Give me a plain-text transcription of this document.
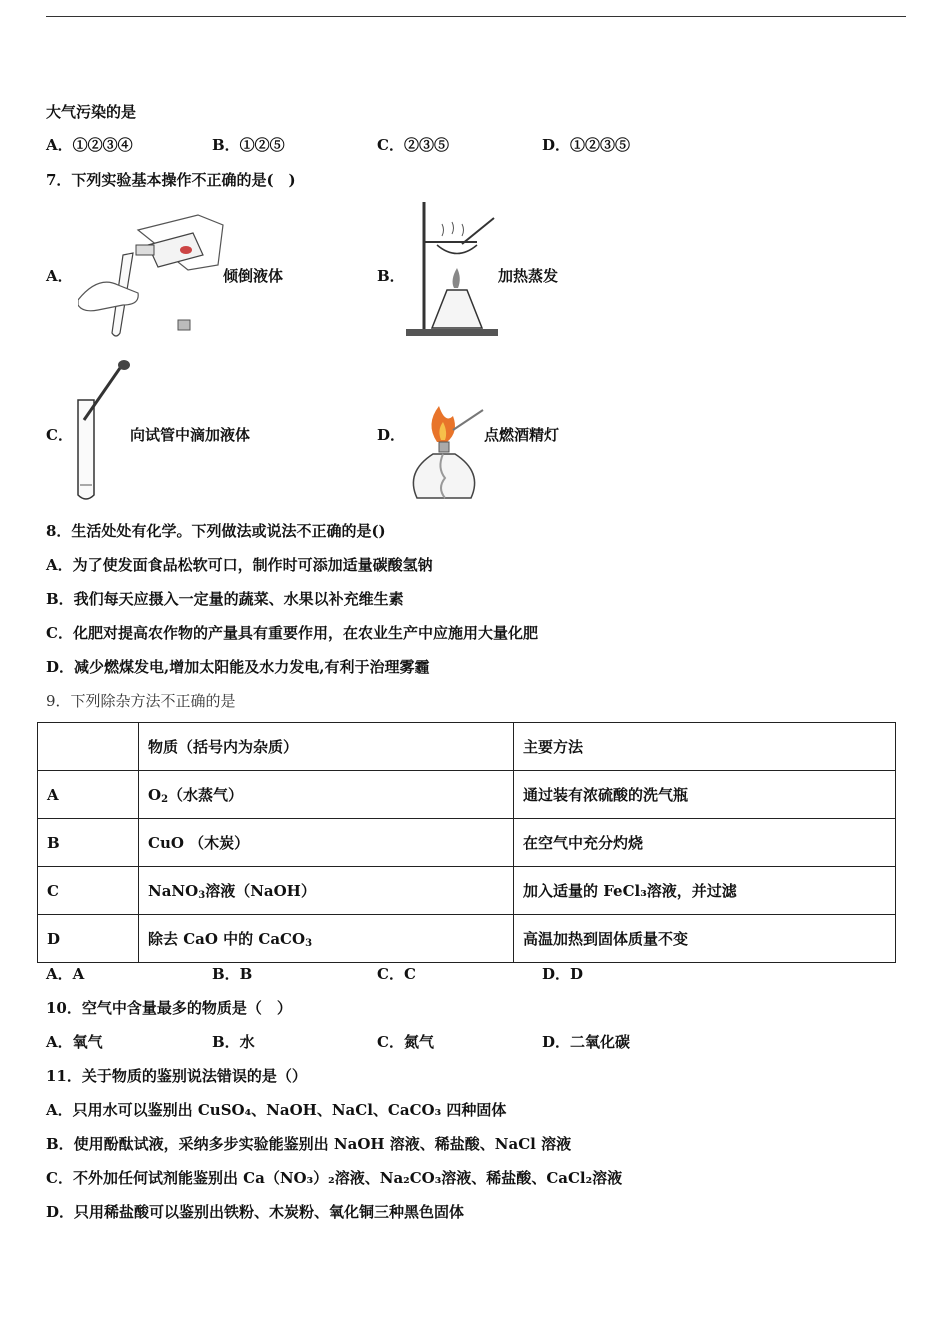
大气污染的是
A．①②③④	B．①②⑤	C．②③⑤	D．①②③⑤
7．下列实验基本操作不正确的是(　)
A．	倾倒液体	B．	加热蒸发
C．	向试管中滴加液体	D．	点燃酒精灯
8．生活处处有化学。下列做法或说法不正确的是()
A．为了使发面食品松软可口，制作时可添加适量碳酸氢钠
B．我们每天应摄入一定量的蔬菜、水果以补充维生素
C．化肥对提高农作物的产量具有重要作用，在农业生产中应施用大量化肥
D．减少燃煤发电,增加太阳能及水力发电,有利于治理雾霾
9．下列除杂方法不正确的是
	物质（括号内为杂质）	主要方法
A	$O_2$（水蒸气）	通过装有浓硫酸的洗气瓶
B	CuO （木炭）	在空气中充分灼烧
C	NaNO$_3$溶液（NaOH）	加入适量的 FeCl₃溶液，并过滤
D	除去 CaO 中的 CaCO$_3$	高温加热到固体质量不变
A．A	B．B	C．C	D．D
10．空气中含量最多的物质是（　）
A．氧气	B．水	C．氮气	D．二氧化碳
11．关于物质的鉴别说法错误的是（）
A．只用水可以鉴别出 CuSO₄、NaOH、NaCl、CaCO₃ 四种固体
B．使用酚酞试液，采纳多步实验能鉴别出 NaOH 溶液、稀盐酸、NaCl 溶液
C．不外加任何试剂能鉴别出 Ca（NO₃）₂溶液、Na₂CO₃溶液、稀盐酸、CaCl₂溶液
D．只用稀盐酸可以鉴别出铁粉、木炭粉、氧化铜三种黑色固体
